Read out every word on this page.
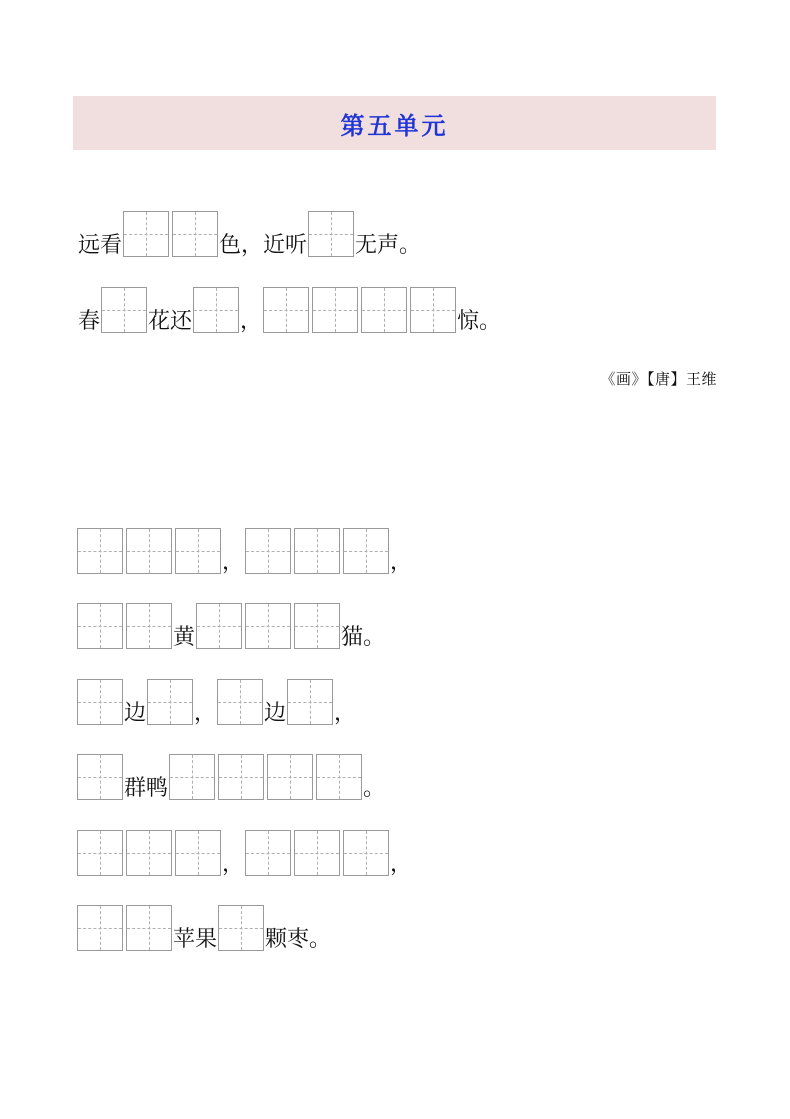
第五单元
远看	色，近听 无声。
春 花还 ，	惊。
《画》【唐】王维
，	，
黄	猫。
边 ， 边 ，
群鸭	。
，	，
苹果 颗枣。
